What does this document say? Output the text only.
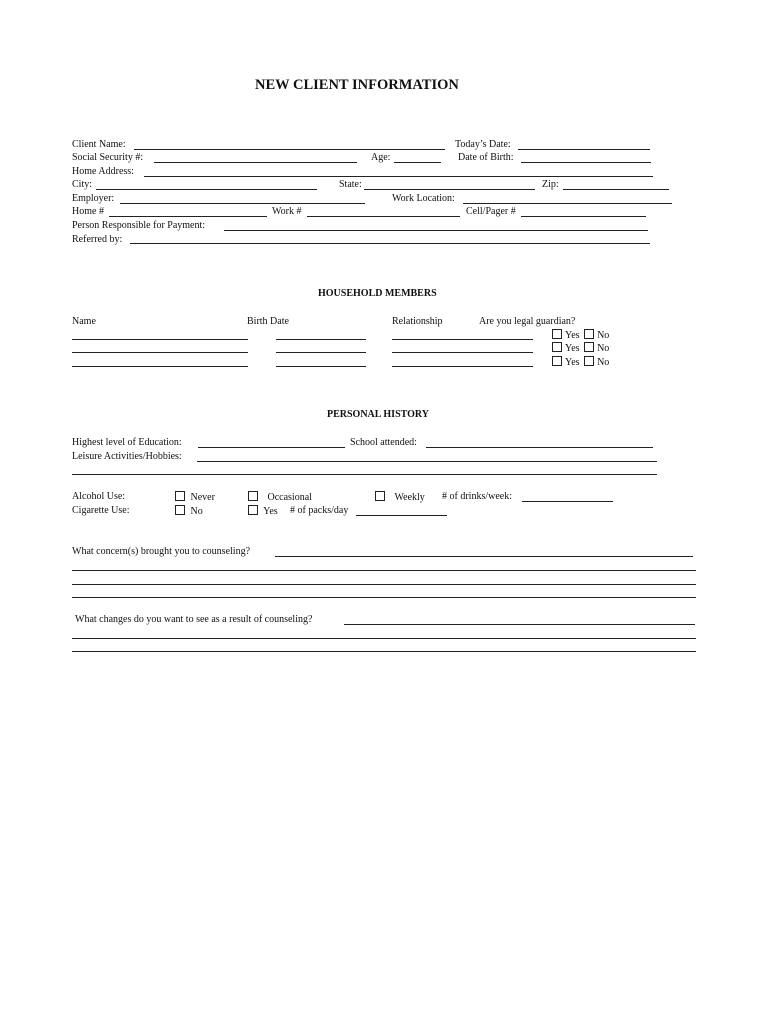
NEW CLIENT INFORMATION
Client Name:	Today’s Date:
Social Security #:	Age:	Date of Birth:
Home Address:
City:	State:	Zip:
Employer:	Work Location:
Home #	Work #	Cell/Pager #
Person Responsible for Payment:
Referred by:
HOUSEHOLD MEMBERS
Name	Birth Date	Relationship	Are you legal guardian?
Yes No
Yes No
Yes No
PERSONAL HISTORY
Highest level of Education:	School attended:
Leisure Activities/Hobbies:
Alcohol Use:	Never	Occasional	Weekly # of drinks/week:
Cigarette Use:	No	Yes # of packs/day
What concern(s) brought you to counseling?
What changes do you want to see as a result of counseling?
